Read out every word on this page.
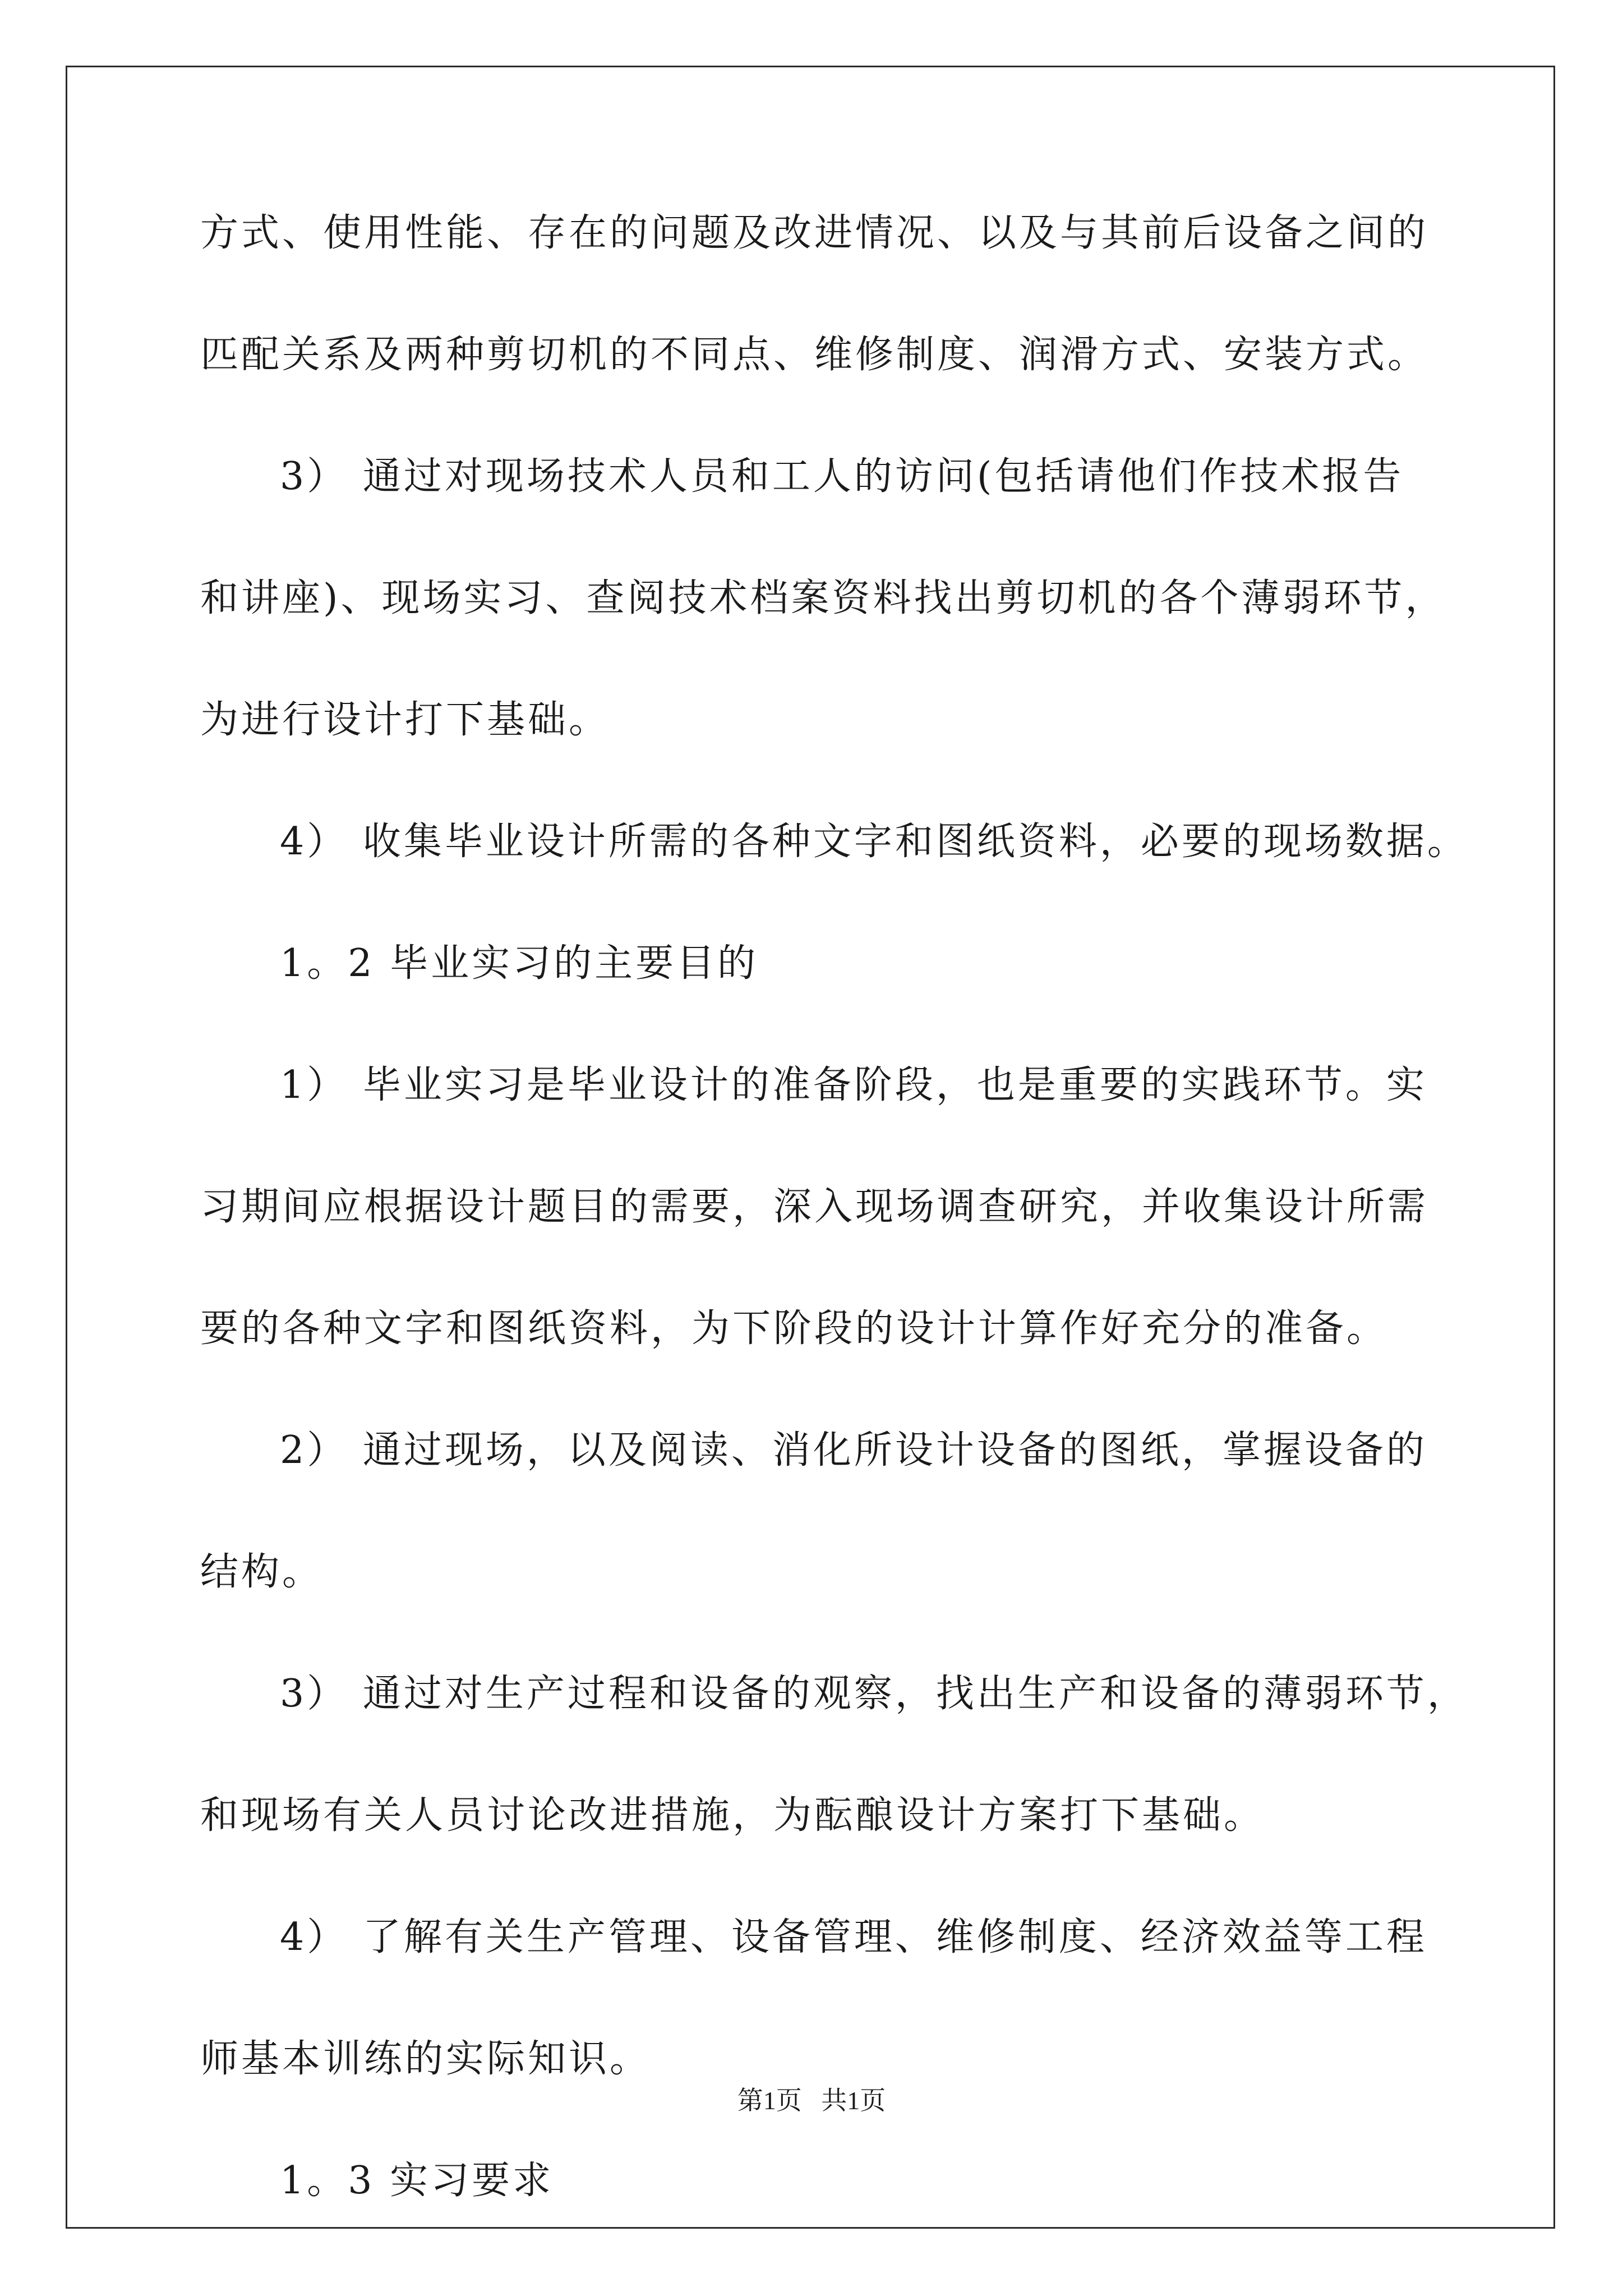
方式、使用性能、存在的问题及改进情况、以及与其前后设备之间的

匹配关系及两种剪切机的不同点、维修制度、润滑方式、安装方式。

3） 通过对现场技术人员和工人的访问(包括请他们作技术报告

和讲座)、现场实习、查阅技术档案资料找出剪切机的各个薄弱环节，

为进行设计打下基础。

4） 收集毕业设计所需的各种文字和图纸资料，必要的现场数据。

1。2 毕业实习的主要目的

1） 毕业实习是毕业设计的准备阶段，也是重要的实践环节。实

习期间应根据设计题目的需要，深入现场调查研究，并收集设计所需

要的各种文字和图纸资料，为下阶段的设计计算作好充分的准备。

2） 通过现场，以及阅读、消化所设计设备的图纸，掌握设备的

结构。

3） 通过对生产过程和设备的观察，找出生产和设备的薄弱环节，

和现场有关人员讨论改进措施，为酝酿设计方案打下基础。

4） 了解有关生产管理、设备管理、维修制度、经济效益等工程

师基本训练的实际知识。

1。3 实习要求

第1页 共1页
